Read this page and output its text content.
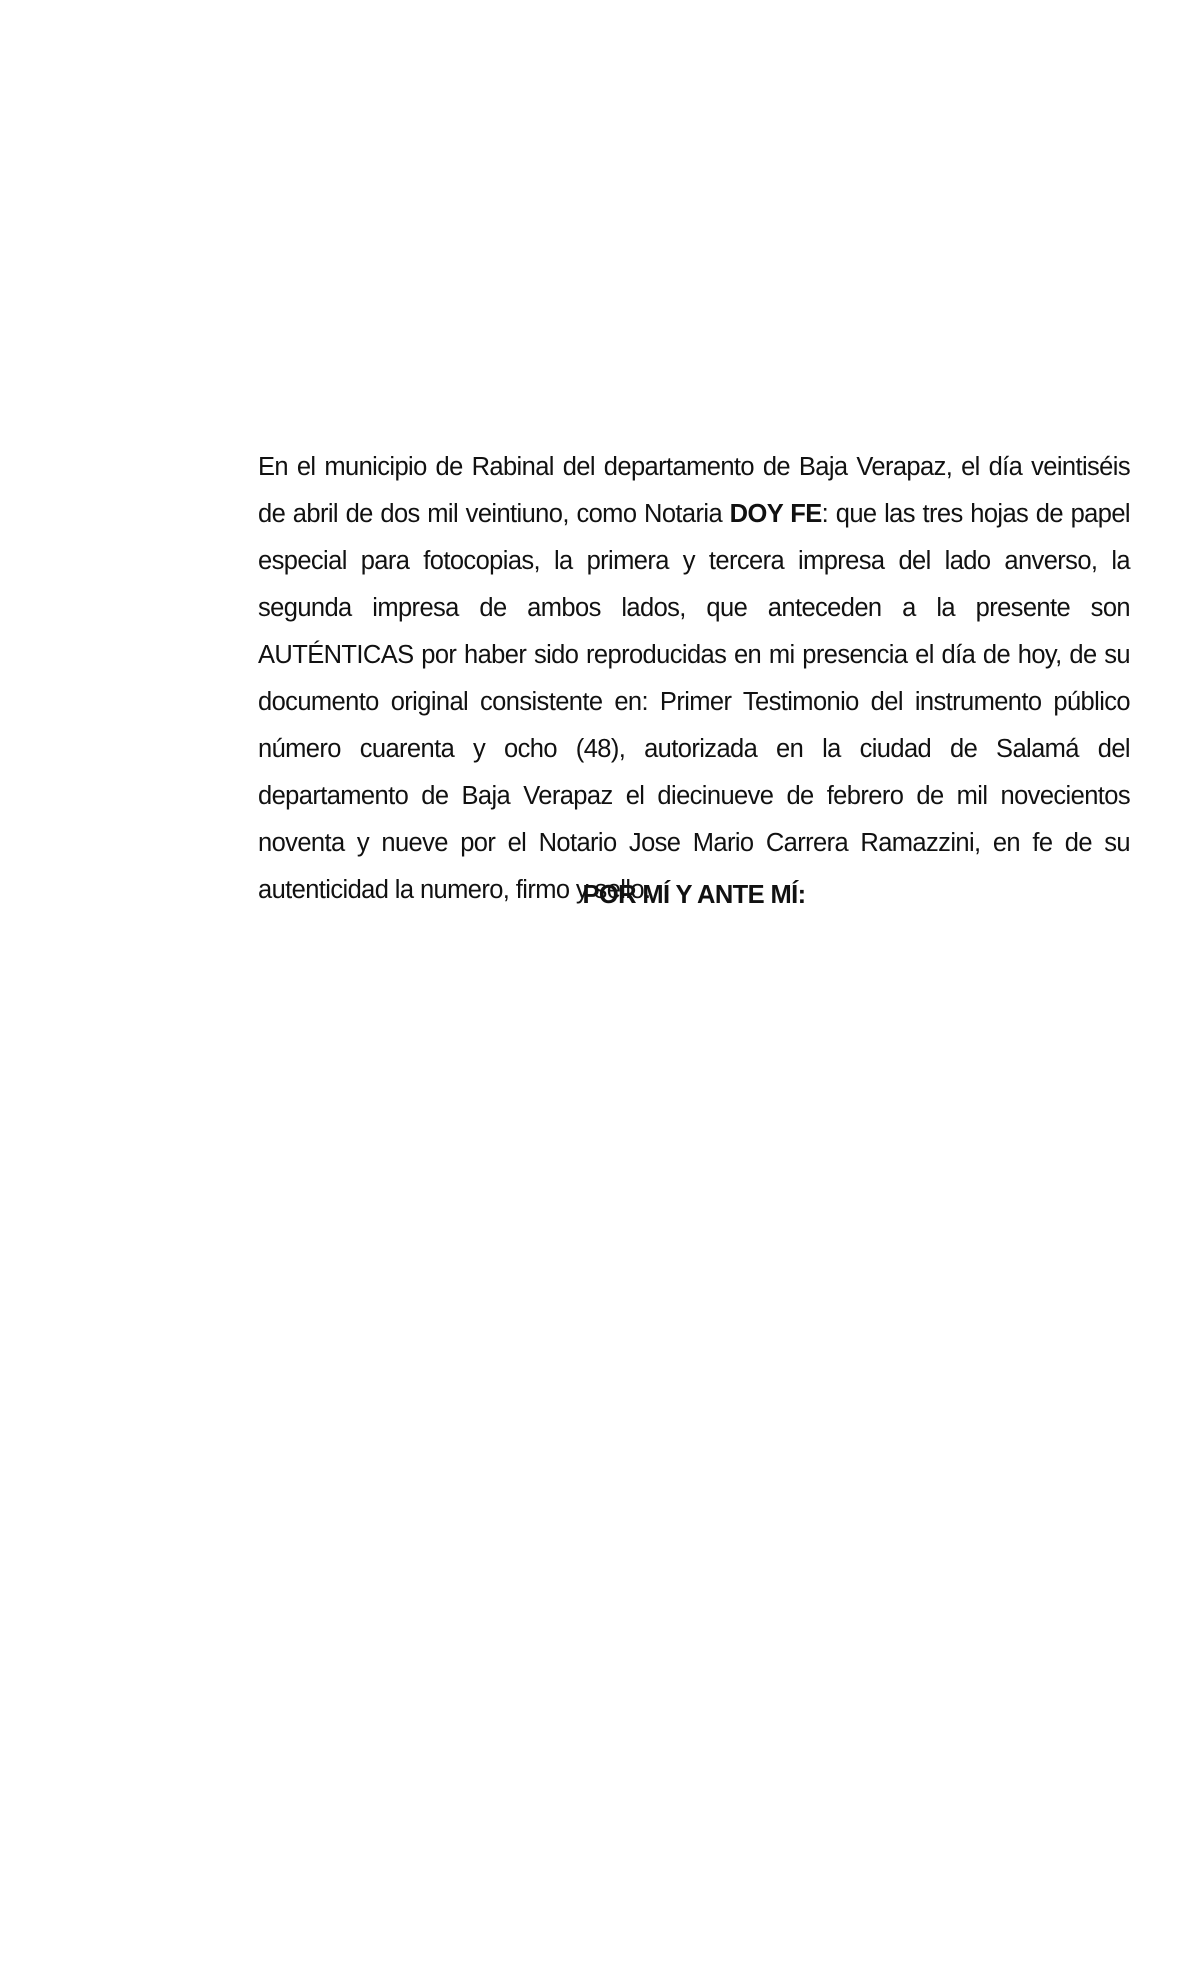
En el municipio de Rabinal del departamento de Baja Verapaz, el día veintiséis de abril de dos mil veintiuno, como Notaria DOY FE: que las tres hojas de papel especial para fotocopias, la primera y tercera impresa del lado anverso, la segunda impresa de ambos lados, que anteceden a la presente son AUTÉNTICAS por haber sido reproducidas en mi presencia el día de hoy, de su documento original consistente en: Primer Testimonio del instrumento público número cuarenta y ocho (48), autorizada en la ciudad de Salamá del departamento de Baja Verapaz el diecinueve de febrero de mil novecientos noventa y nueve por el Notario Jose Mario Carrera Ramazzini, en fe de su autenticidad la numero, firmo y sello.

POR MÍ Y ANTE MÍ:
